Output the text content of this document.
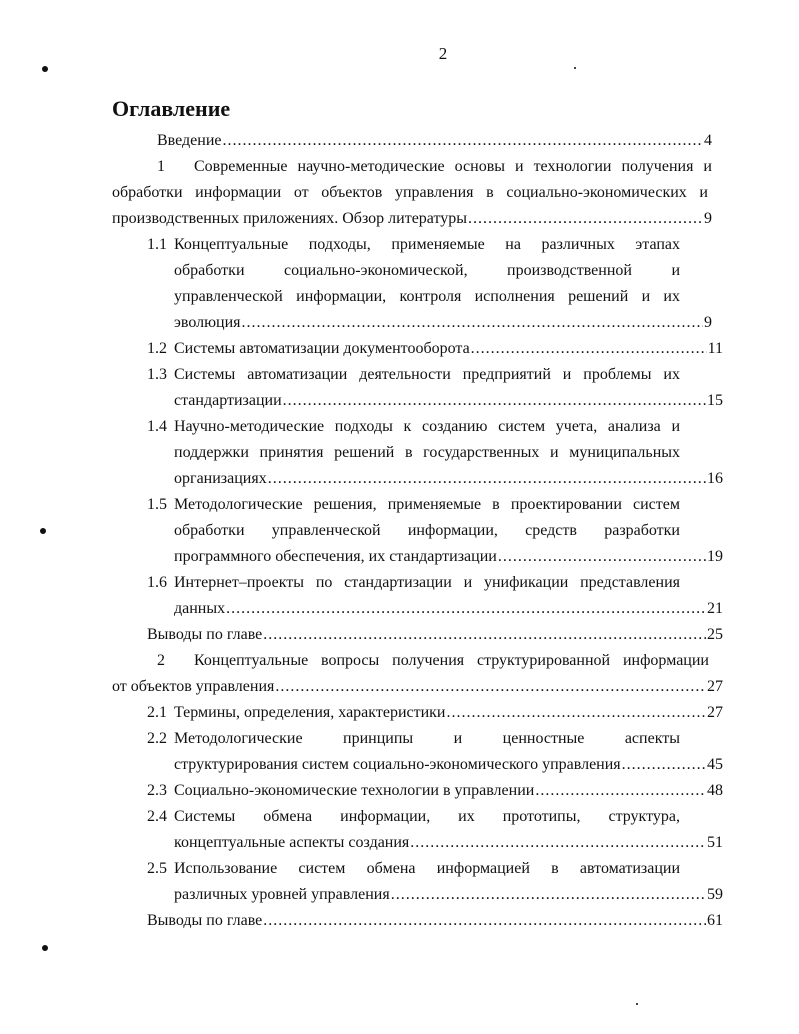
2
Оглавление
Введение .....	4
1 Современные научно-методические основы и технологии получения и
обработки информации от объектов управления в социально-экономических и
производственных приложениях. Обзор литературы .....	9
1.1 Концептуальные подходы, применяемые на различных этапах
обработки социально-экономической, производственной и
управленческой информации, контроля исполнения решений и их
эволюция .....	9
1.2 Системы автоматизации документооборота .....	11
1.3 Системы автоматизации деятельности предприятий и проблемы их
стандартизации .....	15
1.4 Научно-методические подходы к созданию систем учета, анализа и
поддержки принятия решений в государственных и муниципальных
организациях .....	16
1.5 Методологические решения, применяемые в проектировании систем
обработки управленческой информации, средств разработки
программного обеспечения, их стандартизации .....	19
1.6 Интернет–проекты по стандартизации и унификации представления
данных .....	21
Выводы по главе .....	25
2 Концептуальные вопросы получения структурированной информации
от объектов управления .....	27
2.1 Термины, определения, характеристики .....	27
2.2 Методологические принципы и ценностные аспекты
структурирования систем социально-экономического управления .....	45
2.3 Социально-экономические технологии в управлении .....	48
2.4 Системы обмена информации, их прототипы, структура,
концептуальные аспекты создания .....	51
2.5 Использование систем обмена информацией в автоматизации
различных уровней управления .....	59
Выводы по главе .....	61
